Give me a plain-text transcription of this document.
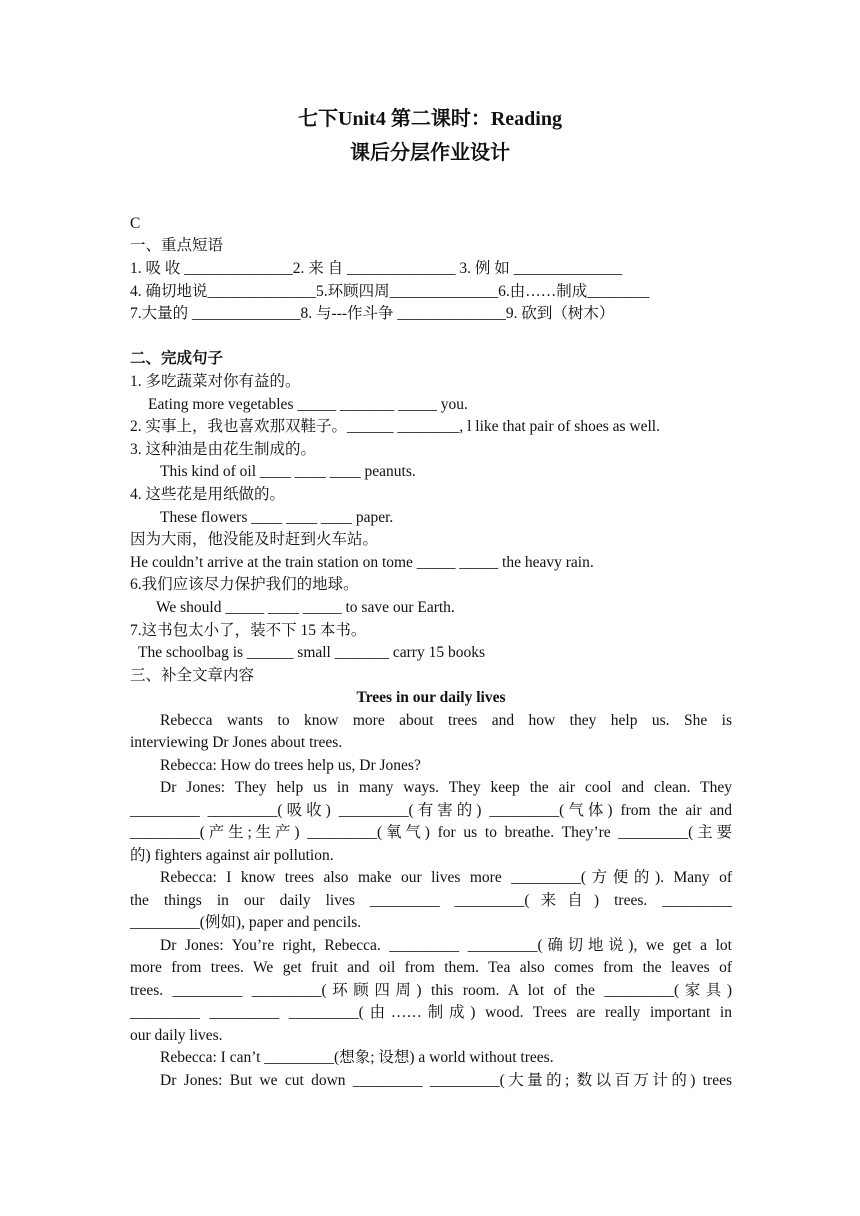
七下Unit4 第二课时：Reading
课后分层作业设计
C
一、重点短语
1. 吸 收 ______________2. 来 自 ______________ 3. 例 如 ______________
4. 确切地说______________5.环顾四周______________6.由……制成________
7.大量的 ______________8. 与---作斗争 ______________9. 砍到（树木）
二、完成句子
1. 多吃蔬菜对你有益的。
Eating more vegetables _____ _______ _____ you.
2. 实事上，我也喜欢那双鞋子。______ ________, l like that pair of shoes as well.
3. 这种油是由花生制成的。
This kind of oil ____ ____ ____ peanuts.
4. 这些花是用纸做的。
These flowers ____ ____ ____ paper.
因为大雨，他没能及时赶到火车站。
He couldn’t arrive at the train station on tome _____ _____ the heavy rain.
6.我们应该尽力保护我们的地球。
We should _____ ____ _____ to save our Earth.
7.这书包太小了，装不下 15 本书。
The schoolbag is ______ small _______ carry 15 books
三、补全文章内容
Trees in our daily lives
Rebecca wants to know more about trees and how they help us. She is
interviewing Dr Jones about trees.
Rebecca: How do trees help us, Dr Jones?
Dr Jones: They help us in many ways. They keep the air cool and clean. They
_________ _________(吸收) _________(有害的) _________(气体) from the air and
_________(产生;生产) _________(氧气) for us to breathe. They’re _________(主要
的) fighters against air pollution.
Rebecca: I know trees also make our lives more _________(方便的). Many of
the things in our daily lives _________ _________(来自) trees. _________
_________(例如), paper and pencils.
Dr Jones: You’re right, Rebecca. _________ _________(确切地说), we get a lot
more from trees. We get fruit and oil from them. Tea also comes from the leaves of
trees. _________ _________(环顾四周) this room. A lot of the _________(家具)
_________ _________ _________(由……制成) wood. Trees are really important in
our daily lives.
Rebecca: I can’t _________(想象; 设想) a world without trees.
Dr Jones: But we cut down _________ _________(大量的; 数以百万计的) trees
